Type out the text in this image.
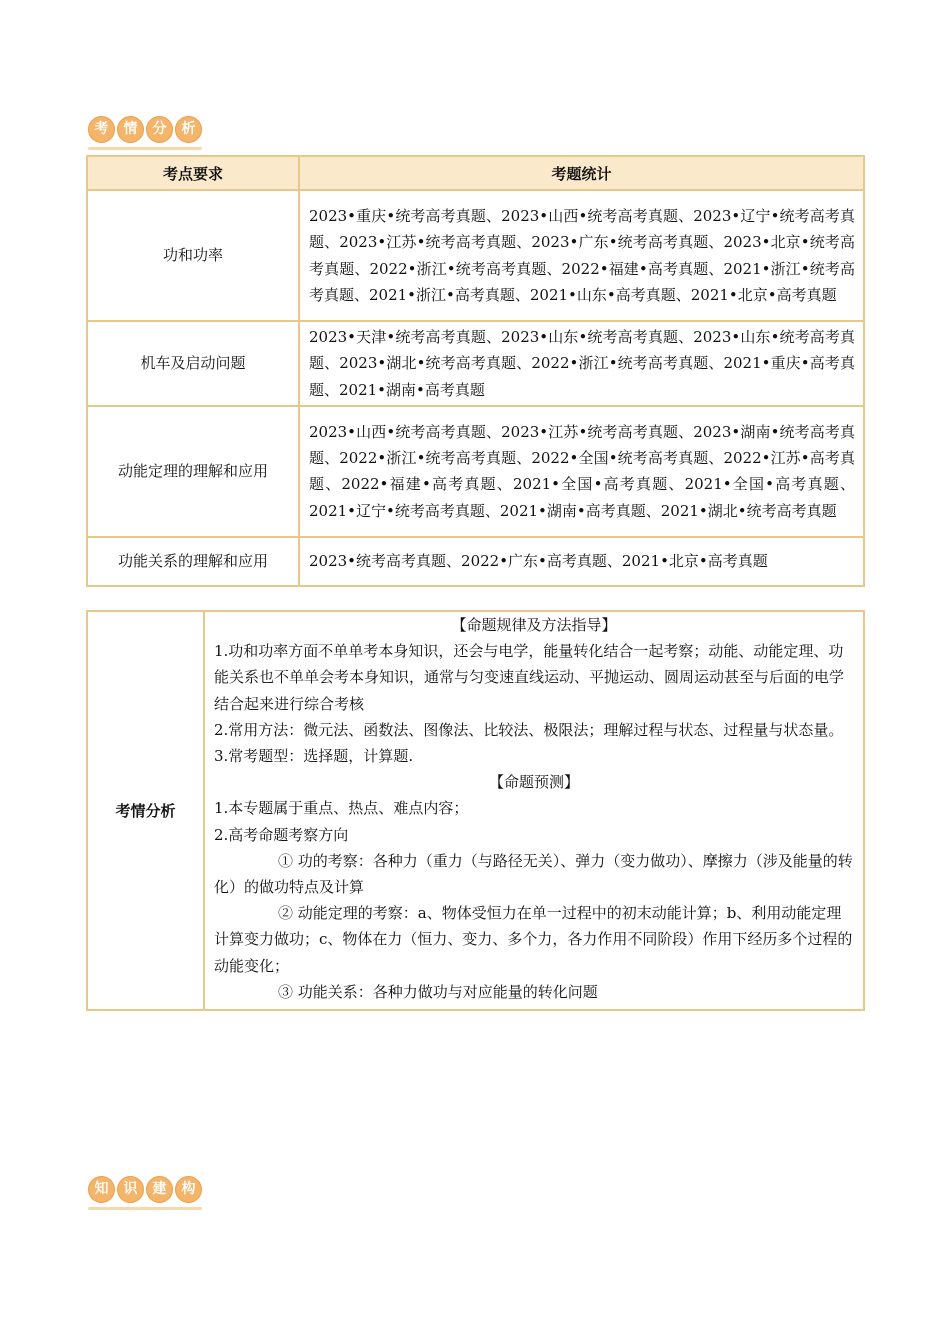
考	情	分	析
考点要求	考题统计
功和功率	2023•重庆•统考高考真题、2023•山西•统考高考真题、2023•辽宁•统考高考真题、2023•江苏•统考高考真题、2023•广东•统考高考真题、2023•北京•统考高考真题、2022•浙江•统考高考真题、2022•福建•高考真题、2021•浙江•统考高考真题、2021•浙江•高考真题、2021•山东•高考真题、2021•北京•高考真题
机车及启动问题	2023•天津•统考高考真题、2023•山东•统考高考真题、2023•山东•统考高考真题、2023•湖北•统考高考真题、2022•浙江•统考高考真题、2021•重庆•高考真题、2021•湖南•高考真题
动能定理的理解和应用	2023•山西•统考高考真题、2023•江苏•统考高考真题、2023•湖南•统考高考真题、2022•浙江•统考高考真题、2022•全国•统考高考真题、2022•江苏•高考真题、2022•福建•高考真题、2021•全国•高考真题、2021•全国•高考真题、2021•辽宁•统考高考真题、2021•湖南•高考真题、2021•湖北•统考高考真题
功能关系的理解和应用	2023•统考高考真题、2022•广东•高考真题、2021•北京•高考真题
考情分析	

【命题规律及方法指导】

1.功和功率方面不单单考本身知识，还会与电学，能量转化结合一起考察；动能、动能定理、功能关系也不单单会考本身知识，通常与匀变速直线运动、平抛运动、圆周运动甚至与后面的电学结合起来进行综合考核

2.常用方法：微元法、函数法、图像法、比较法、极限法；理解过程与状态、过程量与状态量。

3.常考题型：选择题，计算题.

【命题预测】

1.本专题属于重点、热点、难点内容；

2.高考命题考察方向

① 功的考察：各种力（重力（与路径无关）、弹力（变力做功）、摩擦力（涉及能量的转化）的做功特点及计算

② 动能定理的考察：a、物体受恒力在单一过程中的初末动能计算；b、利用动能定理计算变力做功；c、物体在力（恒力、变力、多个力，各力作用不同阶段）作用下经历多个过程的动能变化；

③ 功能关系：各种力做功与对应能量的转化问题

知	识	建	构
